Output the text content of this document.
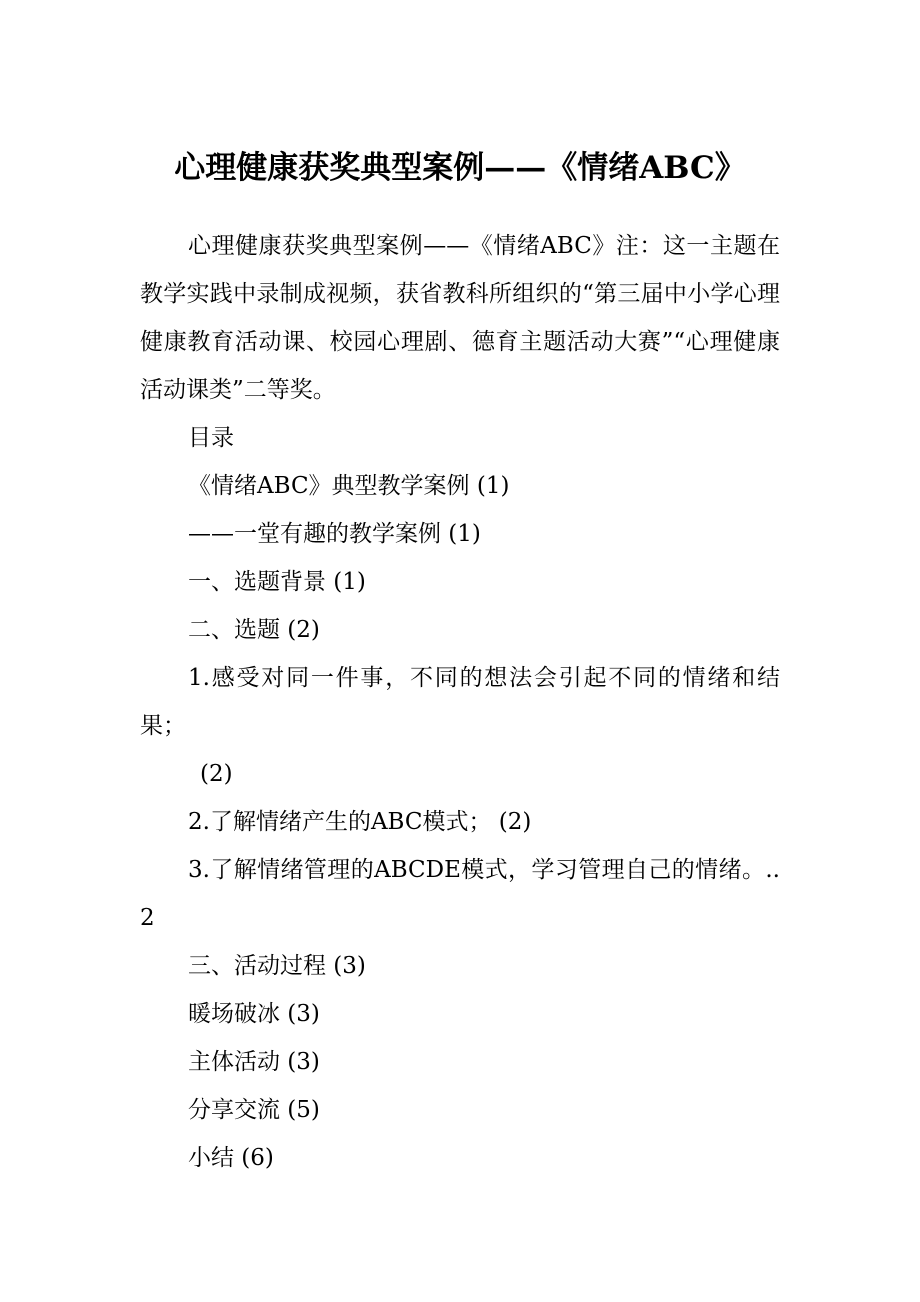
心理健康获奖典型案例——《情绪ABC》

心理健康获奖典型案例——《情绪ABC》注：这一主题在教学实践中录制成视频，获省教科所组织的“第三届中小学心理健康教育活动课、校园心理剧、德育主题活动大赛”“心理健康活动课类”二等奖。

目录

《情绪ABC》典型教学案例 (1)

——一堂有趣的教学案例 (1)

一、选题背景 (1)

二、选题 (2)

1.感受对同一件事，不同的想法会引起不同的情绪和结果；

(2)

2.了解情绪产生的ABC模式； (2)

3.了解情绪管理的ABCDE模式，学习管理自己的情绪。.. 2

三、活动过程 (3)

暖场破冰 (3)

主体活动 (3)

分享交流 (5)

小结 (6)
